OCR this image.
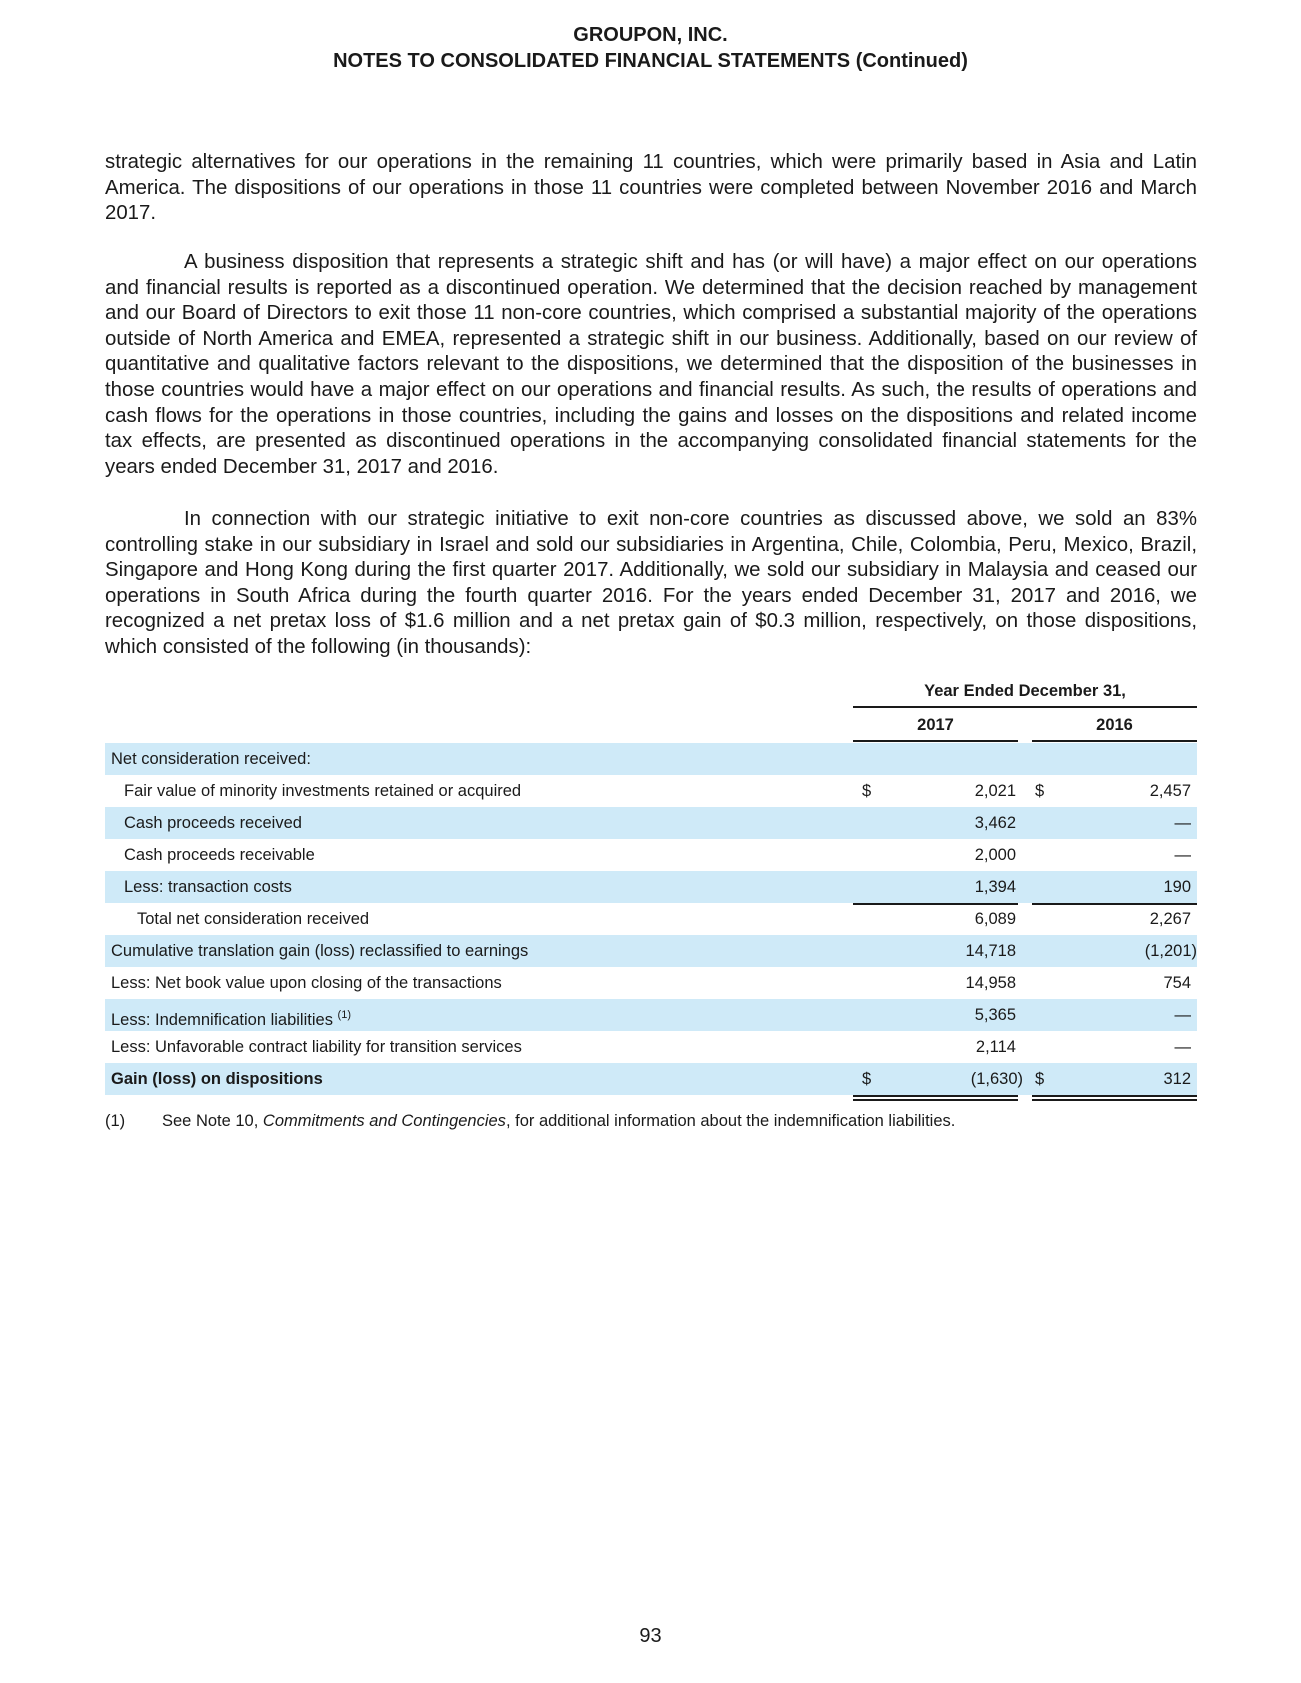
GROUPON, INC.
NOTES TO CONSOLIDATED FINANCIAL STATEMENTS (Continued)
strategic alternatives for our operations in the remaining 11 countries, which were primarily based in Asia and Latin America. The dispositions of our operations in those 11 countries were completed between November 2016 and March 2017.
A business disposition that represents a strategic shift and has (or will have) a major effect on our operations and financial results is reported as a discontinued operation. We determined that the decision reached by management and our Board of Directors to exit those 11 non-core countries, which comprised a substantial majority of the operations outside of North America and EMEA, represented a strategic shift in our business. Additionally, based on our review of quantitative and qualitative factors relevant to the dispositions, we determined that the disposition of the businesses in those countries would have a major effect on our operations and financial results. As such, the results of operations and cash flows for the operations in those countries, including the gains and losses on the dispositions and related income tax effects, are presented as discontinued operations in the accompanying consolidated financial statements for the years ended December 31, 2017 and 2016.
In connection with our strategic initiative to exit non-core countries as discussed above, we sold an 83% controlling stake in our subsidiary in Israel and sold our subsidiaries in Argentina, Chile, Colombia, Peru, Mexico, Brazil, Singapore and Hong Kong during the first quarter 2017. Additionally, we sold our subsidiary in Malaysia and ceased our operations in South Africa during the fourth quarter 2016. For the years ended December 31, 2017 and 2016, we recognized a net pretax loss of $1.6 million and a net pretax gain of $0.3 million, respectively, on those dispositions, which consisted of the following (in thousands):
Year Ended December 31,
2017	2016
Net consideration received:
Fair value of minority investments retained or acquired	$	2,021 $	2,457
Cash proceeds received	3,462	—
Cash proceeds receivable	2,000	—
Less: transaction costs	1,394	190
Total net consideration received	6,089	2,267
Cumulative translation gain (loss) reclassified to earnings	14,718	(1,201)
Less: Net book value upon closing of the transactions	14,958	754
Less: Indemnification liabilities $^{(1)}$	5,365	—
Less: Unfavorable contract liability for transition services	2,114	—
Gain (loss) on dispositions	$	(1,630) $	312
(1) See Note 10, Commitments and Contingencies, for additional information about the indemnification liabilities.
93
